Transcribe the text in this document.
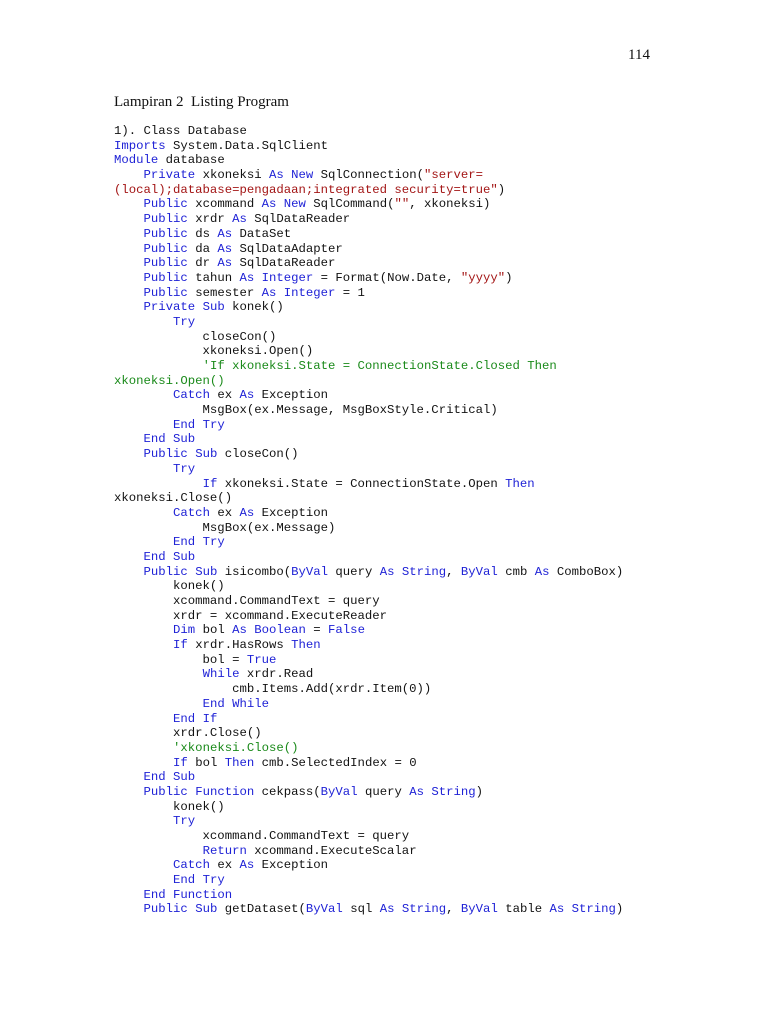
114
Lampiran 2  Listing Program
1). Class Database
Imports System.Data.SqlClient
Module database
Private xkoneksi As New SqlConnection("server=
(local);database=pengadaan;integrated security=true")
Public xcommand As New SqlCommand("", xkoneksi)
Public xrdr As SqlDataReader
Public ds As DataSet
Public da As SqlDataAdapter
Public dr As SqlDataReader
Public tahun As Integer = Format(Now.Date, "yyyy")
Public semester As Integer = 1
Private Sub konek()
Try
closeCon()
xkoneksi.Open()
'If xkoneksi.State = ConnectionState.Closed Then
xkoneksi.Open()
Catch ex As Exception
MsgBox(ex.Message, MsgBoxStyle.Critical)
End Try
End Sub
Public Sub closeCon()
Try
If xkoneksi.State = ConnectionState.Open Then
xkoneksi.Close()
Catch ex As Exception
MsgBox(ex.Message)
End Try
End Sub
Public Sub isicombo(ByVal query As String, ByVal cmb As ComboBox)
konek()
xcommand.CommandText = query
xrdr = xcommand.ExecuteReader
Dim bol As Boolean = False
If xrdr.HasRows Then
bol = True
While xrdr.Read
cmb.Items.Add(xrdr.Item(0))
End While
End If
xrdr.Close()
'xkoneksi.Close()
If bol Then cmb.SelectedIndex = 0
End Sub
Public Function cekpass(ByVal query As String)
konek()
Try
xcommand.CommandText = query
Return xcommand.ExecuteScalar
Catch ex As Exception
End Try
End Function
Public Sub getDataset(ByVal sql As String, ByVal table As String)
